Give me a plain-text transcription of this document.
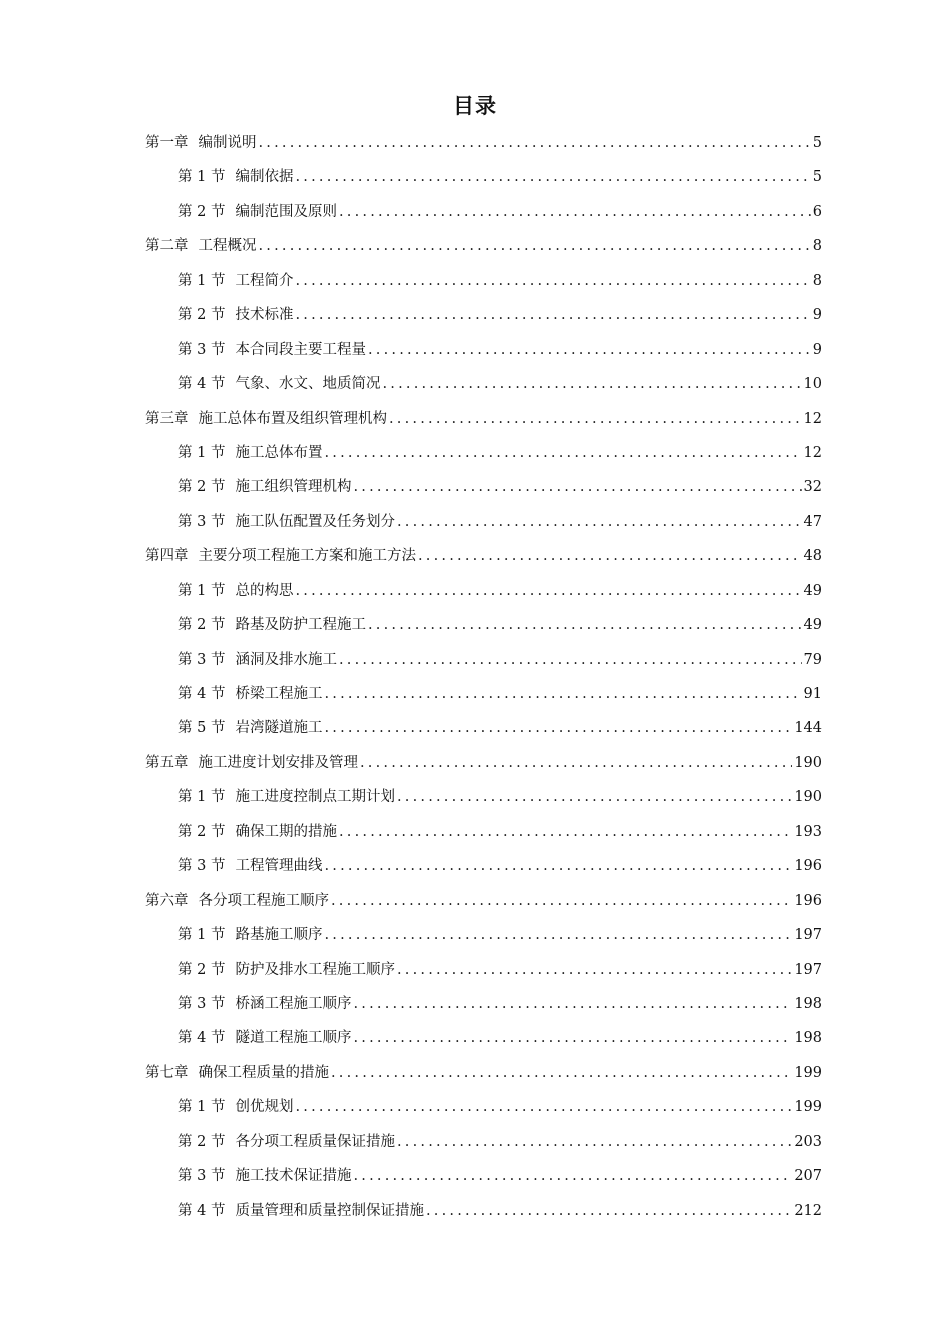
目录
第一章 编制说明 .....	5
第 1 节 编制依据 .....	5
第 2 节 编制范围及原则 .....	6
第二章 工程概况 .....	8
第 1 节 工程简介 .....	8
第 2 节 技术标准 .....	9
第 3 节 本合同段主要工程量 .....	9
第 4 节 气象、水文、地质简况 .....	10
第三章 施工总体布置及组织管理机构 .....	12
第 1 节 施工总体布置 .....	12
第 2 节 施工组织管理机构 .....	32
第 3 节 施工队伍配置及任务划分 .....	47
第四章 主要分项工程施工方案和施工方法 .....	48
第 1 节 总的构思 .....	49
第 2 节 路基及防护工程施工 .....	49
第 3 节 涵洞及排水施工 .....	79
第 4 节 桥梁工程施工 .....	91
第 5 节 岩湾隧道施工 .....	144
第五章 施工进度计划安排及管理 .....	190
第 1 节 施工进度控制点工期计划 .....	190
第 2 节 确保工期的措施 .....	193
第 3 节 工程管理曲线 .....	196
第六章 各分项工程施工顺序 .....	196
第 1 节 路基施工顺序 .....	197
第 2 节 防护及排水工程施工顺序 .....	197
第 3 节 桥涵工程施工顺序 .....	198
第 4 节 隧道工程施工顺序 .....	198
第七章 确保工程质量的措施 .....	199
第 1 节 创优规划 .....	199
第 2 节 各分项工程质量保证措施 .....	203
第 3 节 施工技术保证措施 .....	207
第 4 节 质量管理和质量控制保证措施 .....	212
